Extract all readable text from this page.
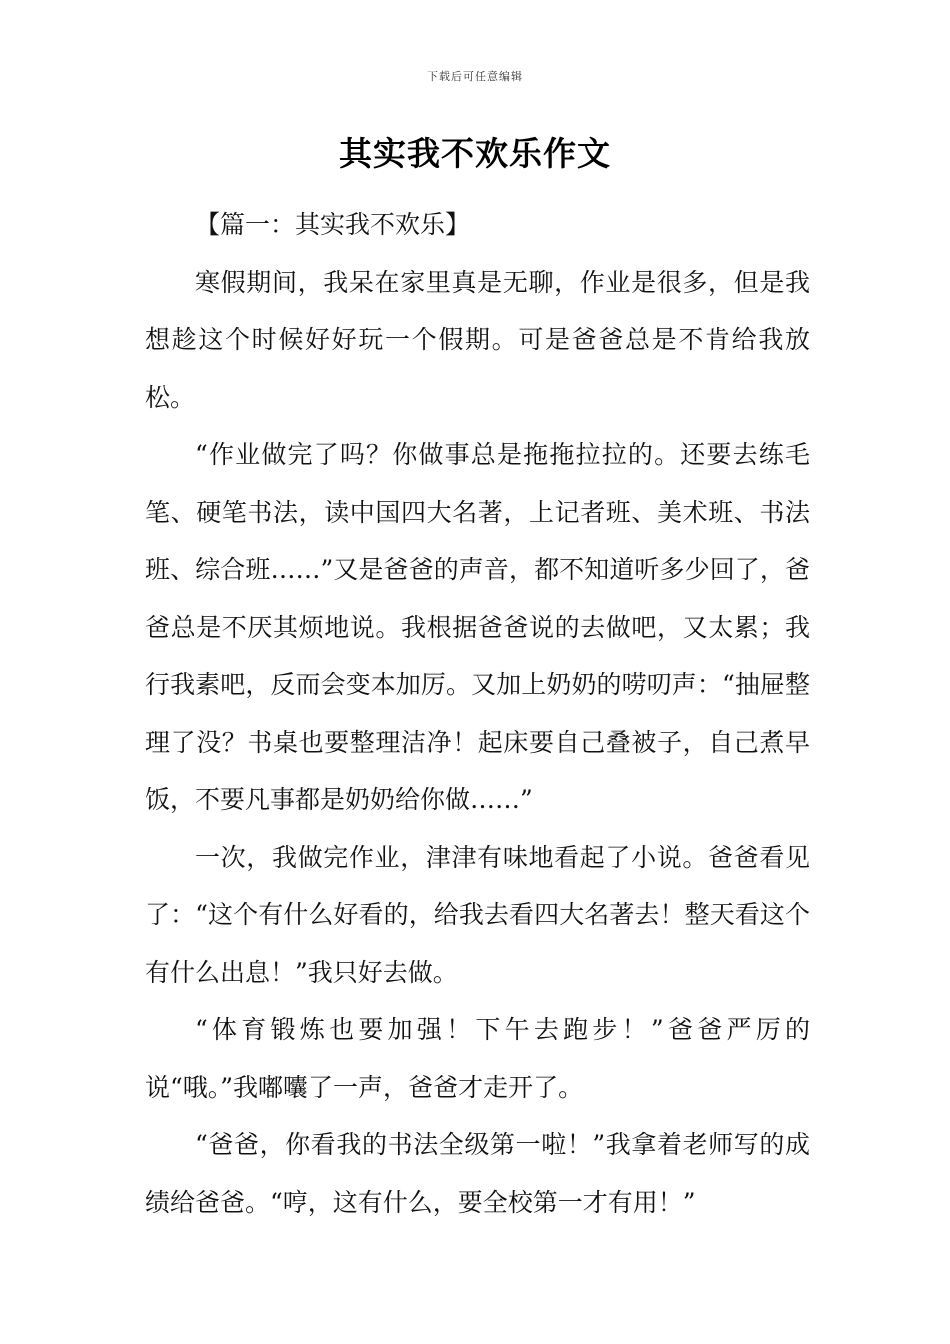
下载后可任意编辑
其实我不欢乐作文

【篇一：其实我不欢乐】

寒假期间，我呆在家里真是无聊，作业是很多，但是我想趁这个时候好好玩一个假期。可是爸爸总是不肯给我放松。

“作业做完了吗？你做事总是拖拖拉拉的。还要去练毛笔、硬笔书法，读中国四大名著，上记者班、美术班、书法班、综合班……”又是爸爸的声音，都不知道听多少回了，爸爸总是不厌其烦地说。我根据爸爸说的去做吧，又太累；我行我素吧，反而会变本加厉。又加上奶奶的唠叨声：“抽屉整理了没？书桌也要整理洁净！起床要自己叠被子，自己煮早饭，不要凡事都是奶奶给你做……”

一次，我做完作业，津津有味地看起了小说。爸爸看见了：“这个有什么好看的，给我去看四大名著去！整天看这个有什么出息！”我只好去做。

“体育锻炼也要加强！下午去跑步！”爸爸严厉的说“哦。”我嘟囔了一声，爸爸才走开了。

“爸爸，你看我的书法全级第一啦！”我拿着老师写的成绩给爸爸。“哼，这有什么，要全校第一才有用！”
